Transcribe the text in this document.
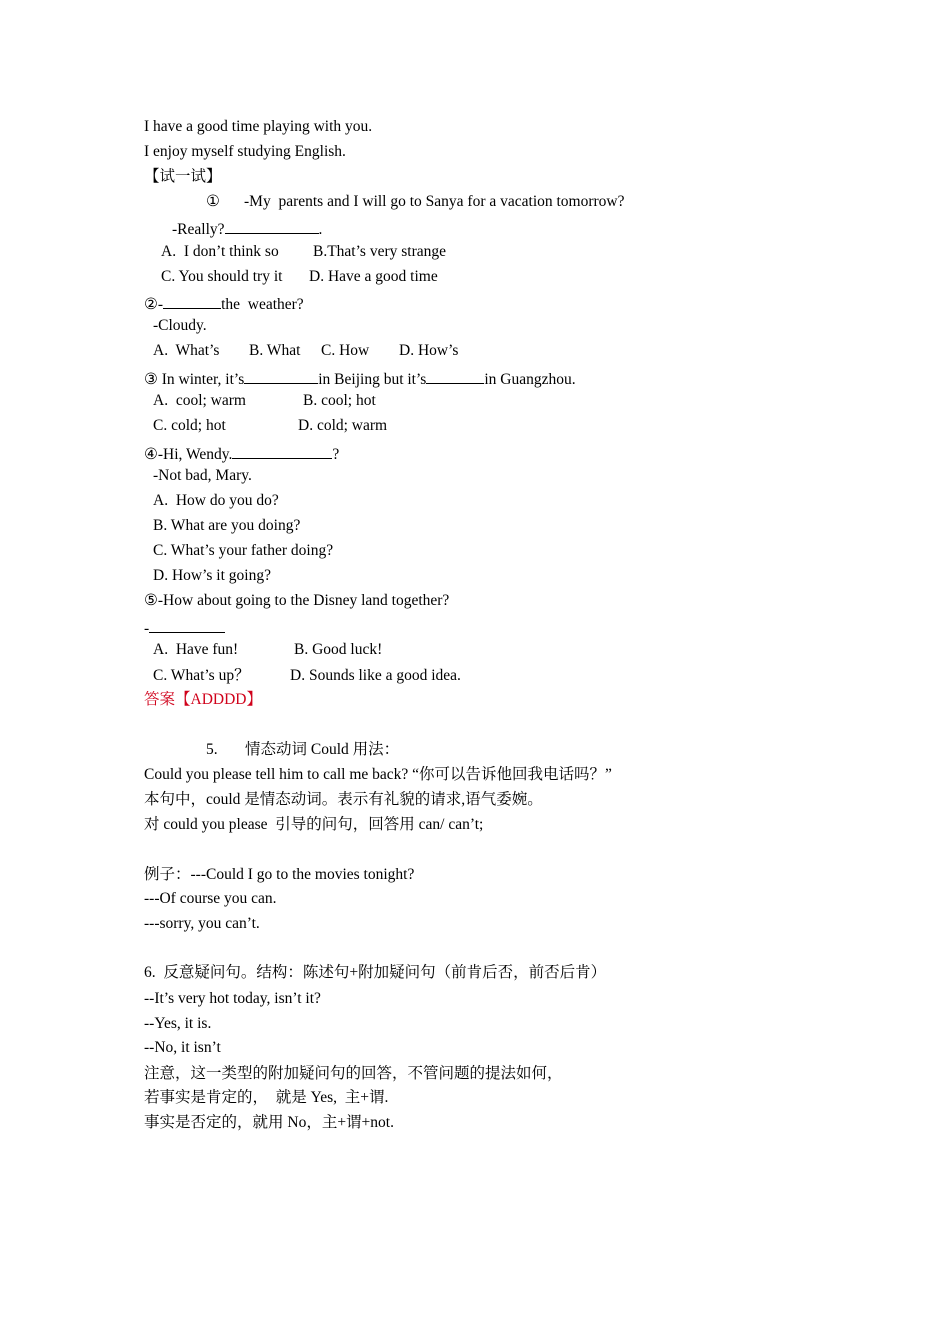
I have a good time playing with you.
I enjoy myself studying English.
【试一试】
① -My  parents and I will go to Sanya for a vacation tomorrow?
-Really?	.
A.  I don’t think so B.That’s very strange
C. You should try it D. Have a good time
②-	the  weather?
-Cloudy.
A.  What’s B. What C. How D. How’s
③ In winter, it’s	in Beijing but it’s	in Guangzhou.
A.  cool; warm	B. cool; hot
C. cold; hot	D. cold; warm
④-Hi, Wendy.	?
-Not bad, Mary.
A.  How do you do?
B. What are you doing?
C. What’s your father doing?
D. How’s it going?
⑤-How about going to the Disney land together?
-
A.  Have fun!	B. Good luck!
C. What’s up？	D. Sounds like a good idea.
答案【ADDDD】
5. 情态动词 Could 用法：
Could you please tell him to call me back? “你可以告诉他回我电话吗？”
本句中，could 是情态动词。表示有礼貌的请求,语气委婉。
对 could you please  引导的问句，回答用 can/ can’t;
例子：---Could I go to the movies tonight?
---Of course you can.
---sorry, you can’t.
6.  反意疑问句。结构：陈述句+附加疑问句（前肯后否，前否后肯）
--It’s very hot today, isn’t it?
--Yes, it is.
--No, it isn’t
注意，这一类型的附加疑问句的回答，不管问题的提法如何，
若事实是肯定的，  就是 Yes,  主+谓.
事实是否定的，就用 No，主+谓+not.
